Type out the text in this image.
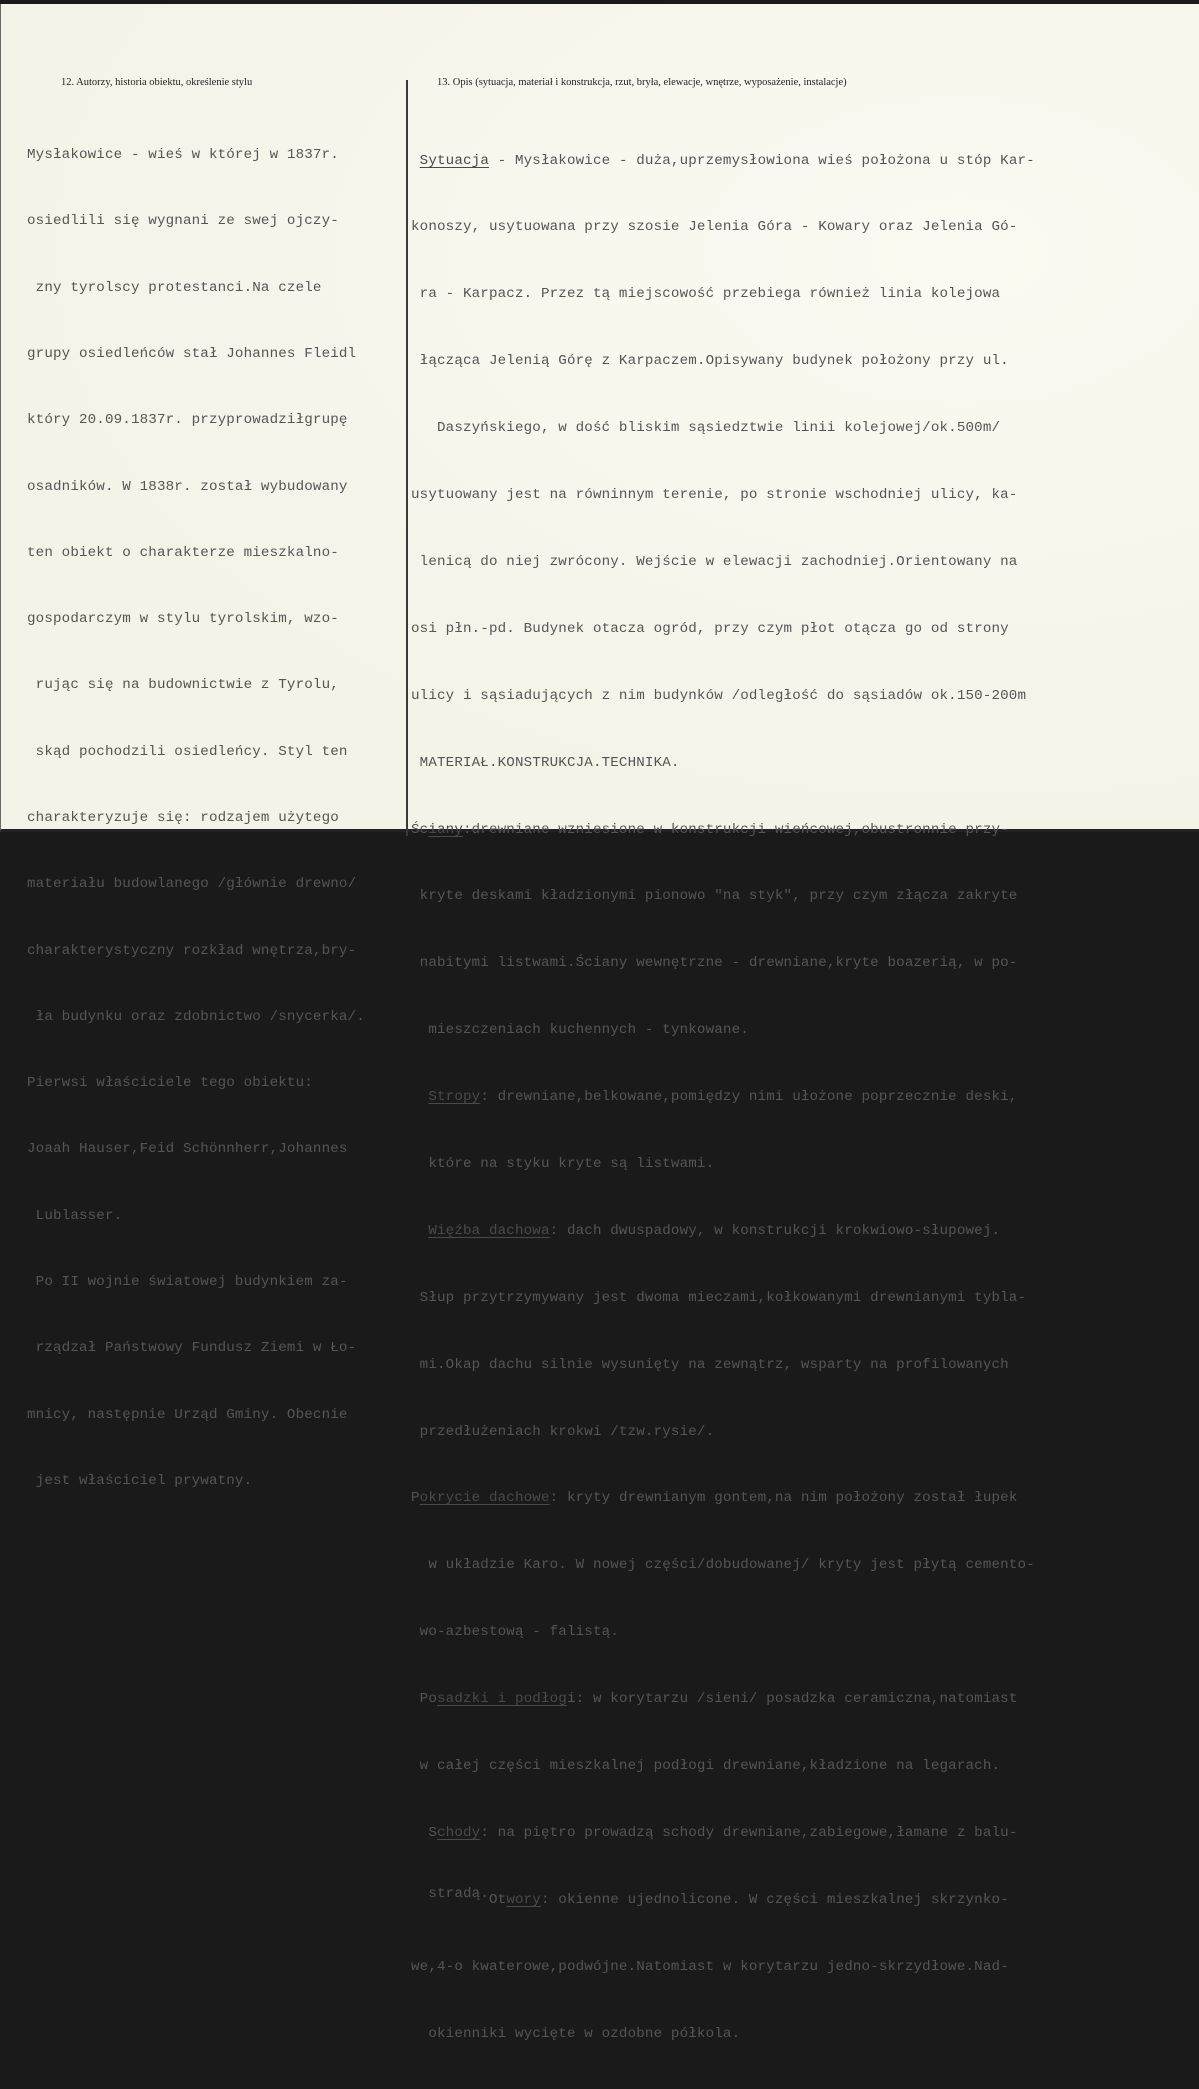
12. Autorzy, historia obiektu, określenie stylu	13. Opis (sytuacja, materiał i konstrukcja, rzut, bryła, elewacje, wnętrze, wyposażenie, instalacje)

Mysłakowice - wieś w której w 1837r.

osiedlili się wygnani ze swej ojczy-

zny tyrolscy protestanci.Na czele

grupy osiedleńców stał Johannes Fleidl

który 20.09.1837r. przyprowadziłgrupę

osadników. W 1838r. został wybudowany

ten obiekt o charakterze mieszkalno-

gospodarczym w stylu tyrolskim, wzo-

rując się na budownictwie z Tyrolu,

skąd pochodzili osiedleńcy. Styl ten

charakteryzuje się: rodzajem użytego

materiału budowlanego /głównie drewno/

charakterystyczny rozkład wnętrza,bry-

ła budynku oraz zdobnictwo /snycerka/.

Pierwsi właściciele tego obiektu:

Joaah Hauser,Feid Schönnherr,Johannes

Lublasser.

Po II wojnie światowej budynkiem za-

rządzał Państwowy Fundusz Ziemi w Ło-

mnicy, następnie Urząd Gminy. Obecnie

jest właściciel prywatny.

Sytuacja - Mysłakowice - duża,uprzemysłowiona wieś położona u stóp Kar-

konoszy, usytuowana przy szosie Jelenia Góra - Kowary oraz Jelenia Gó-

ra - Karpacz. Przez tą miejscowość przebiega również linia kolejowa

łącząca Jelenią Górę z Karpaczem.Opisywany budynek położony przy ul.

Daszyńskiego, w dość bliskim sąsiedztwie linii kolejowej/ok.500m/

usytuowany jest na równinnym terenie, po stronie wschodniej ulicy, ka-

lenicą do niej zwrócony. Wejście w elewacji zachodniej.Orientowany na

osi płn.-pd. Budynek otacza ogród, przy czym płot otącza go od strony

ulicy i sąsiadujących z nim budynków /odległość do sąsiadów ok.150-200m

MATERIAŁ.KONSTRUKCJA.TECHNIKA.

Ściany:drewniane wzniesione w konstrukcji wieńcowej,obustronnie przy-

kryte deskami kładzionymi pionowo "na styk", przy czym złącza zakryte

nabitymi listwami.Ściany wewnętrzne - drewniane,kryte boazerią, w po-

mieszczeniach kuchennych - tynkowane.

Stropy: drewniane,belkowane,pomiędzy nimi ułożone poprzecznie deski,

które na styku kryte są listwami.

Więźba dachowa: dach dwuspadowy, w konstrukcji krokwiowo-słupowej.

Słup przytrzymywany jest dwoma mieczami,kołkowanymi drewnianymi tybla-

mi.Okap dachu silnie wysunięty na zewnątrz, wsparty na profilowanych

przedłużeniach krokwi /tzw.rysie/.

Pokrycie dachowe: kryty drewnianym gontem,na nim położony został łupek

w układzie Karo. W nowej części/dobudowanej/ kryty jest płytą cemento-

wo-azbestową - falistą.

Posadzki i podłogi: w korytarzu /sieni/ posadzka ceramiczna,natomiast

w całej części mieszkalnej podłogi drewniane,kładzione na legarach.

Schody: na piętro prowadzą schody drewniane,zabiegowe,łamane z balu-

stradą.Otwory: okienne ujednolicone. W części mieszkalnej skrzynko-

we,4-o kwaterowe,podwójne.Natomiast w korytarzu jedno-skrzydłowe.Nad-

okienniki wycięte w ozdobne półkola.
